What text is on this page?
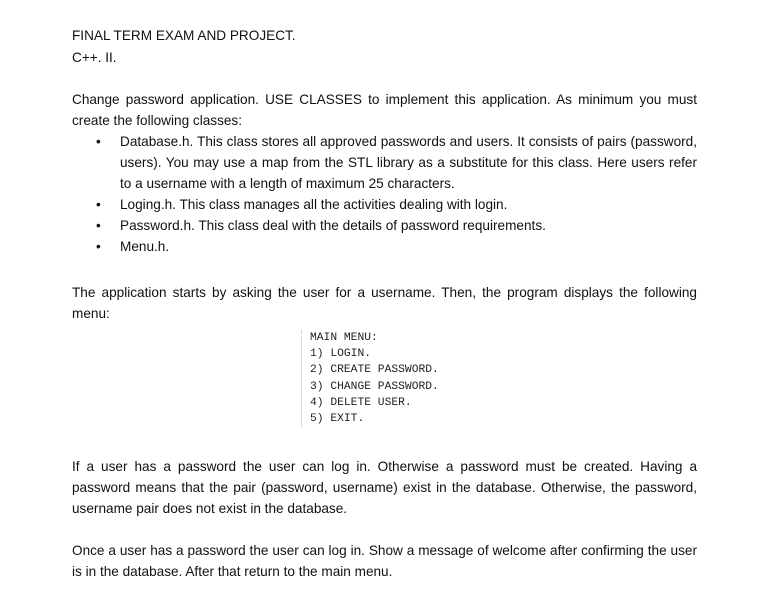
FINAL TERM EXAM AND PROJECT.

C++. II.

Change password application. USE CLASSES to implement this application. As minimum you must create the following classes:

• Database.h. This class stores all approved passwords and users. It consists of pairs (password, users). You may use a map from the STL library as a substitute for this class. Here users refer to a username with a length of maximum 25 characters.
• Loging.h. This class manages all the activities dealing with login.
• Password.h. This class deal with the details of password requirements.
• Menu.h.

The application starts by asking the user for a username. Then, the program displays the following menu:

MAIN MENU:
1) LOGIN.
2) CREATE PASSWORD.
3) CHANGE PASSWORD.
4) DELETE USER.
5) EXIT.

If a user has a password the user can log in. Otherwise a password must be created. Having a password means that the pair (password, username) exist in the database. Otherwise, the password, username pair does not exist in the database.

Once a user has a password the user can log in. Show a message of welcome after confirming the user is in the database. After that return to the main menu.
